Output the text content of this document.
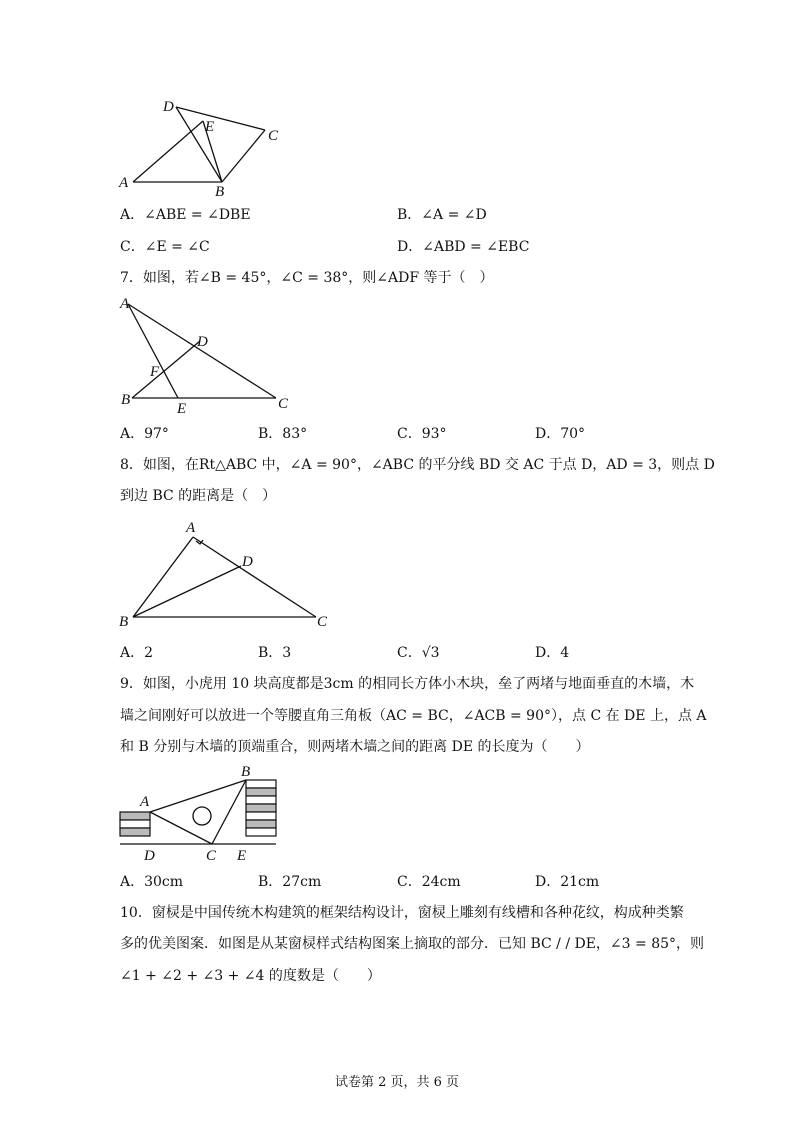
D
E
C
A
B
A．∠ABE = ∠DBE	B．∠A = ∠D
C．∠E = ∠C	D．∠ABD = ∠EBC
7．如图，若∠B = 45°，∠C = 38°，则∠ADF 等于（　）
A
D
F
B
E	C
A．97°	B．83°	C．93°	D．70°
8．如图，在Rt△ABC 中，∠A = 90°，∠ABC 的平分线 BD 交 AC 于点 D，AD = 3，则点 D
到边 BC 的距离是（　）
A
D
B	C
A．2	B．3	C．√3	D．4
9．如图，小虎用 10 块高度都是3cm 的相同长方体小木块，垒了两堵与地面垂直的木墙，木
墙之间刚好可以放进一个等腰直角三角板（AC = BC，∠ACB = 90°），点 C 在 DE 上，点 A
和 B 分别与木墙的顶端重合，则两堵木墙之间的距离 DE 的长度为（　　）
B
A
D	C E
A．30cm	B．27cm	C．24cm	D．21cm
10．窗棂是中国传统木构建筑的框架结构设计，窗棂上雕刻有线槽和各种花纹，构成种类繁
多的优美图案．如图是从某窗棂样式结构图案上摘取的部分．已知 BC / / DE，∠3 = 85°，则
∠1 + ∠2 + ∠3 + ∠4 的度数是（　　）
试卷第 2 页，共 6 页
